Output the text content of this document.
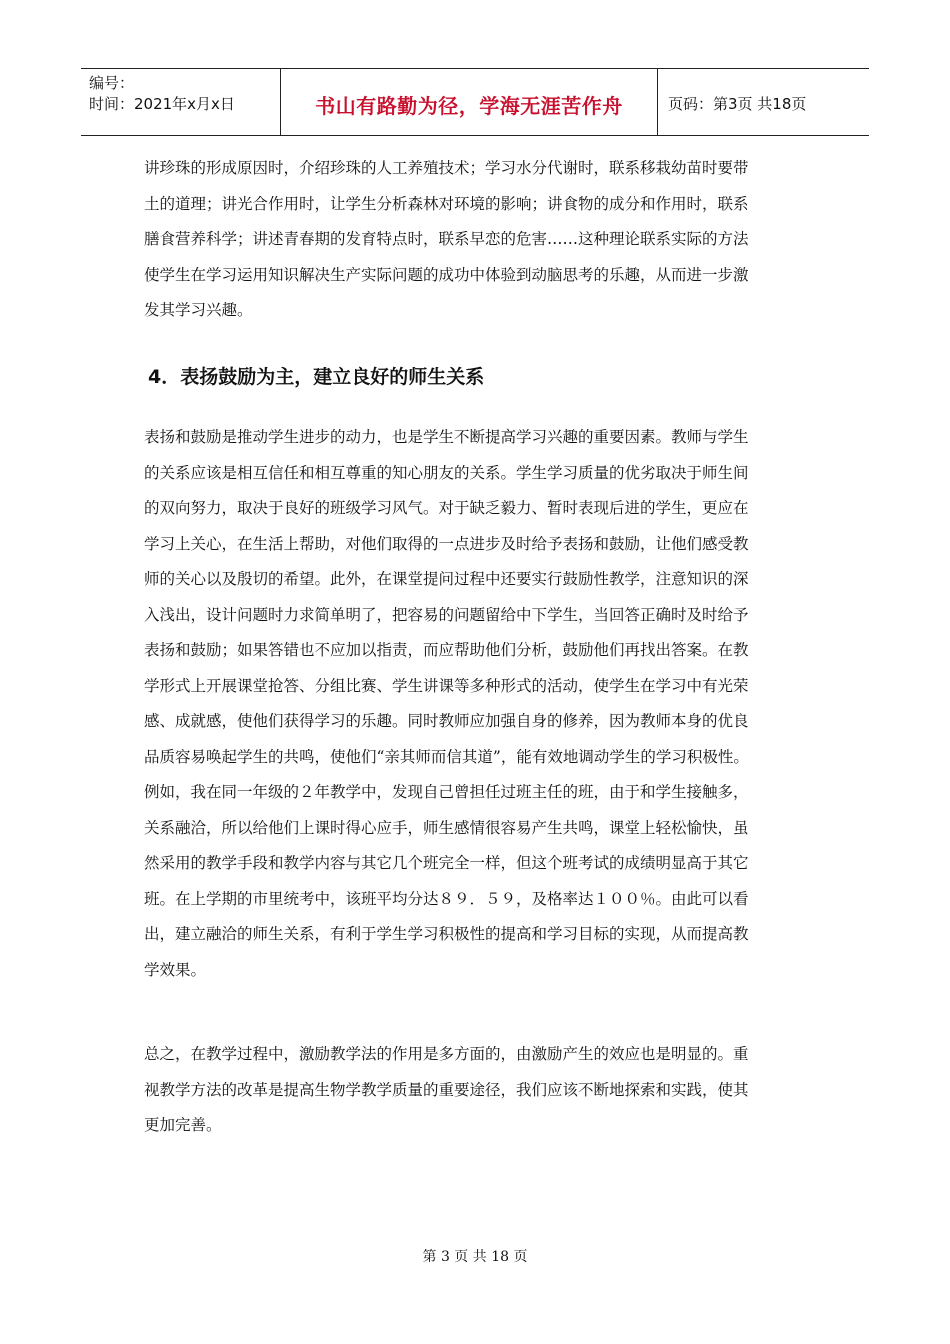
编号：
时间：2021年x月x日	书山有路勤为径，学海无涯苦作舟	页码：第3页 共18页

讲珍珠的形成原因时，介绍珍珠的人工养殖技术；学习水分代谢时，联系移栽幼苗时要带

土的道理；讲光合作用时，让学生分析森林对环境的影响；讲食物的成分和作用时，联系

膳食营养科学；讲述青春期的发育特点时，联系早恋的危害……这种理论联系实际的方法

使学生在学习运用知识解决生产实际问题的成功中体验到动脑思考的乐趣，从而进一步激

发其学习兴趣。

4．表扬鼓励为主，建立良好的师生关系

表扬和鼓励是推动学生进步的动力，也是学生不断提高学习兴趣的重要因素。教师与学生

的关系应该是相互信任和相互尊重的知心朋友的关系。学生学习质量的优劣取决于师生间

的双向努力，取决于良好的班级学习风气。对于缺乏毅力、暂时表现后进的学生，更应在

学习上关心，在生活上帮助，对他们取得的一点进步及时给予表扬和鼓励，让他们感受教

师的关心以及殷切的希望。此外，在课堂提问过程中还要实行鼓励性教学，注意知识的深

入浅出，设计问题时力求简单明了，把容易的问题留给中下学生，当回答正确时及时给予

表扬和鼓励；如果答错也不应加以指责，而应帮助他们分析，鼓励他们再找出答案。在教

学形式上开展课堂抢答、分组比赛、学生讲课等多种形式的活动，使学生在学习中有光荣

感、成就感，使他们获得学习的乐趣。同时教师应加强自身的修养，因为教师本身的优良

品质容易唤起学生的共鸣，使他们“亲其师而信其道”，能有效地调动学生的学习积极性。

例如，我在同一年级的２年教学中，发现自己曾担任过班主任的班，由于和学生接触多，

关系融洽，所以给他们上课时得心应手，师生感情很容易产生共鸣，课堂上轻松愉快，虽

然采用的教学手段和教学内容与其它几个班完全一样，但这个班考试的成绩明显高于其它

班。在上学期的市里统考中，该班平均分达８９．５９，及格率达１００％。由此可以看

出，建立融洽的师生关系，有利于学生学习积极性的提高和学习目标的实现，从而提高教

学效果。

总之，在教学过程中，激励教学法的作用是多方面的，由激励产生的效应也是明显的。重

视教学方法的改革是提高生物学教学质量的重要途径，我们应该不断地探索和实践，使其

更加完善。

第 3 页 共 18 页
